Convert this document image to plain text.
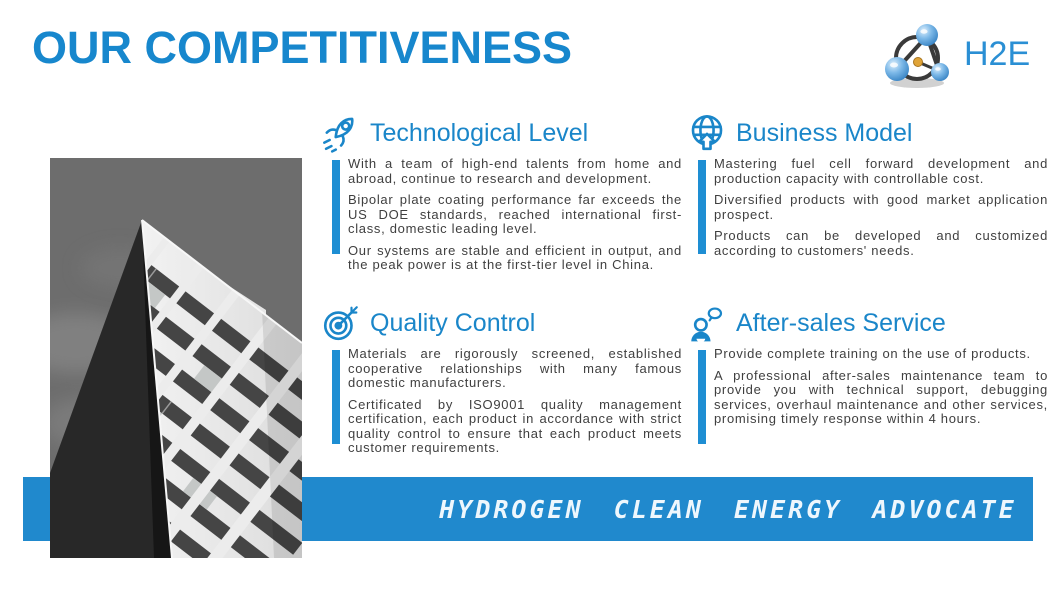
OUR COMPETITIVENESS	H2E
HYDROGEN CLEAN ENERGY ADVOCATE
Technological Level

With a team of high-end talents from home and abroad, continue to research and development.

Bipolar plate coating performance far exceeds the US DOE standards, reached international first-class, domestic leading level.

Our systems are stable and efficient in output, and the peak power is at the first-tier level in China.

Business Model

Mastering fuel cell forward development and production capacity with controllable cost.

Diversified products with good market application prospect.

Products can be developed and customized according to customers' needs.

Quality Control

Materials are rigorously screened, established cooperative relationships with many famous domestic manufacturers.

Certificated by ISO9001 quality management certification, each product in accordance with strict quality control to ensure that each product meets customer requirements.

After-sales Service

Provide complete training on the use of products.

A professional after-sales maintenance team to provide you with technical support, debugging services, overhaul maintenance and other services, promising timely response within 4 hours.
